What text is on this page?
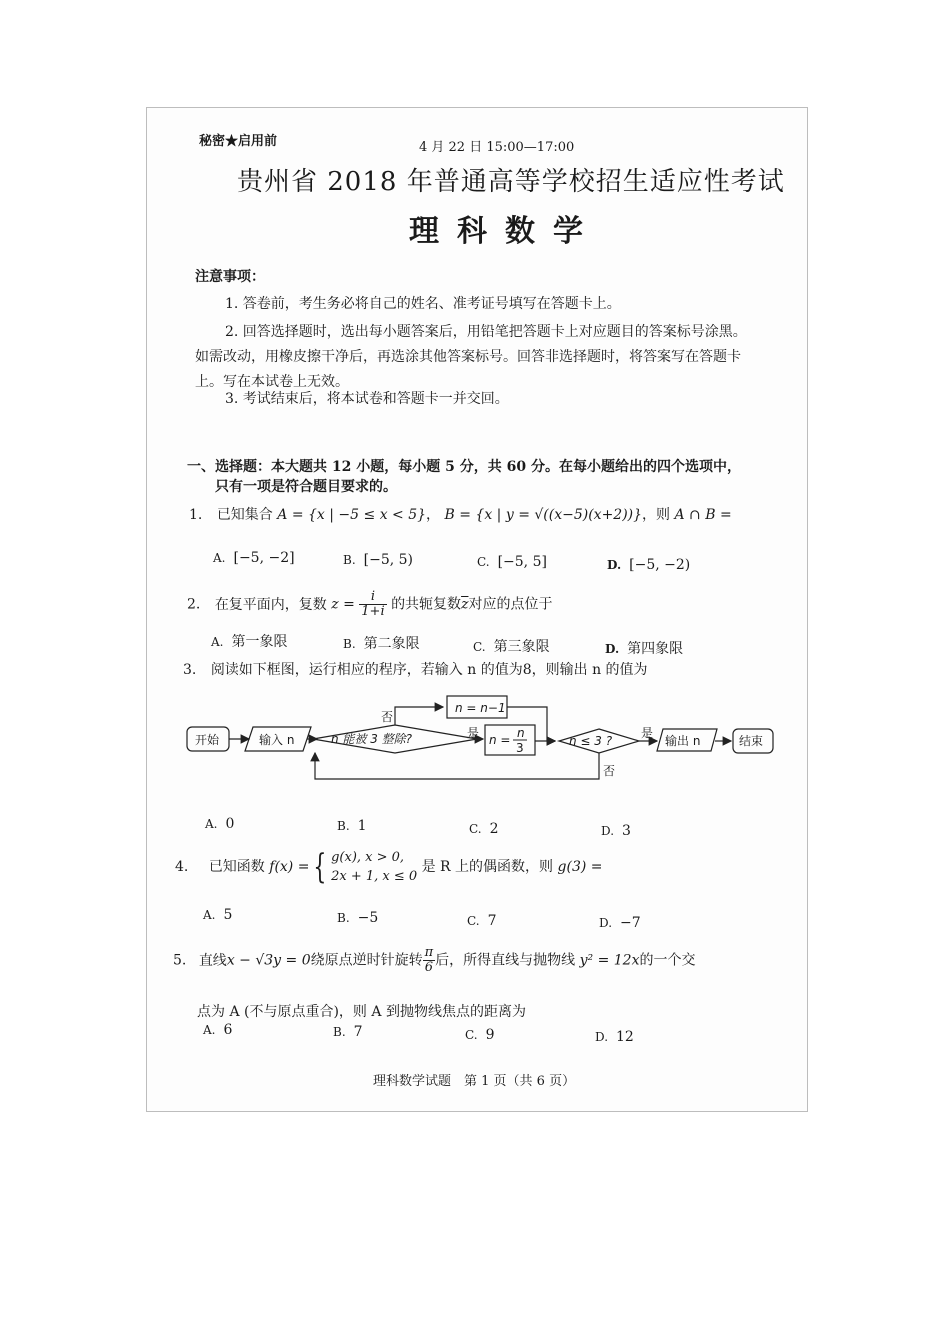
秘密★启用前	4 月 22 日 15:00—17:00
贵州省 2018 年普通高等学校招生适应性考试
理科数学
注意事项：
1. 答卷前，考生务必将自己的姓名、准考证号填写在答题卡上。
2. 回答选择题时，选出每小题答案后，用铅笔把答题卡上对应题目的答案标号涂黑。
如需改动，用橡皮擦干净后，再选涂其他答案标号。回答非选择题时，将答案写在答题卡
上。写在本试卷上无效。
3. 考试结束后，将本试卷和答题卡一并交回。
一、选择题：本大题共 12 小题，每小题 5 分，共 60 分。在每小题给出的四个选项中，
只有一项是符合题目要求的。
1. 已知集合 A = {x | −5 ≤ x < 5}， B = {x | y = √((x−5)(x+2))}，则 A ∩ B =
A. [−5, −2]	B. [−5, 5)	C. [−5, 5]	D. [−5, −2)
2. 在复平面内，复数 $z = \frac{i}{1+i}$ 的共轭复数$\overline{z}$对应的点位于
A. 第一象限	B. 第二象限	C. 第三象限	D. 第四象限
3. 阅读如下框图，运行相应的程序，若输入 n 的值为8，则输出 n 的值为
开始	输入 n	n 能被 3 整除?
否
是
n = n−1
n = n
3	n ≤ 3 ?
是
否
输出 n	结束
A. 0	B. 1	C. 2	D. 3
4. 已知函数 f(x) = { g(x), x > 0,
2x + 1, x ≤ 0
是 R 上的偶函数，则 g(3) =
A. 5	B. −5	C. 7	D. −7
5. 直线x − √3y = 0绕原点逆时针旋转 $\frac{\pi}{6}$ 后，所得直线与抛物线 y² = 12x的一个交
点为 A (不与原点重合)，则 A 到抛物线焦点的距离为
A. 6	B. 7	C. 9	D. 12
理科数学试题　第 1 页（共 6 页）
